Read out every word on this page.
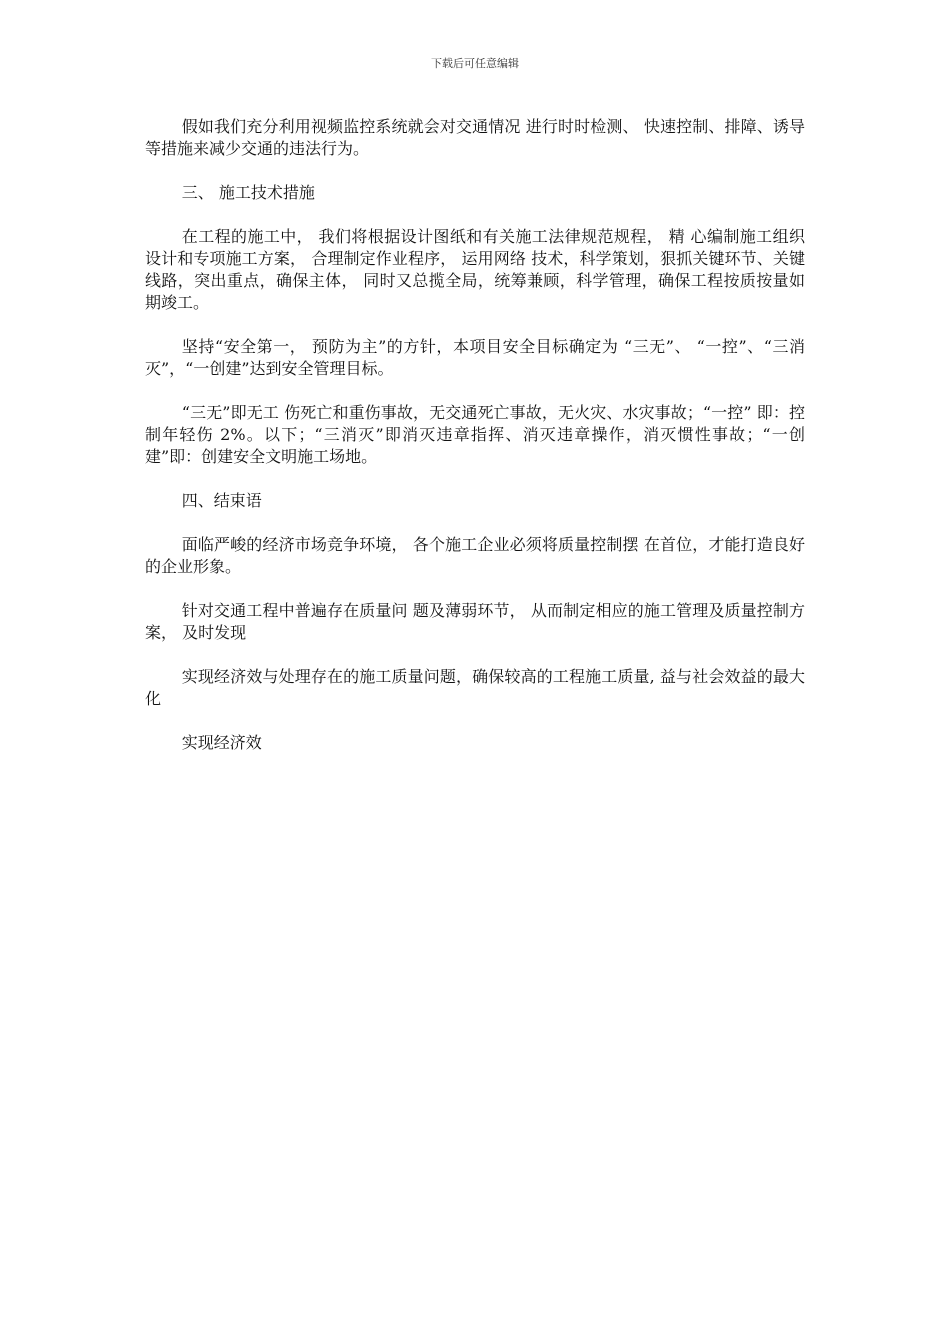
下载后可任意编辑

假如我们充分利用视频监控系统就会对交通情况 进行时时检测、 快速控制、排障、诱导等措施来减少交通的违法行为。

三、 施工技术措施

在工程的施工中， 我们将根据设计图纸和有关施工法律规范规程， 精 心编制施工组织设计和专项施工方案， 合理制定作业程序， 运用网络 技术，科学策划，狠抓关键环节、关键线路，突出重点，确保主体， 同时又总揽全局，统筹兼顾，科学管理，确保工程按质按量如期竣工。

坚持“安全第一， 预防为主”的方针，本项目安全目标确定为 “三无”、 “一控”、“三消灭”，“一创建”达到安全管理目标。

“三无”即无工 伤死亡和重伤事故，无交通死亡事故，无火灾、水灾事故；“一控” 即：控制年轻伤 2%。以下；“三消灭”即消灭违章指挥、消灭违章操作，消灭惯性事故；“一创建”即：创建安全文明施工场地。

四、结束语

面临严峻的经济市场竞争环境， 各个施工企业必须将质量控制摆 在首位，才能打造良好的企业形象。

针对交通工程中普遍存在质量问 题及薄弱环节， 从而制定相应的施工管理及质量控制方案， 及时发现

实现经济效与处理存在的施工质量问题，确保较高的工程施工质量, 益与社会效益的最大化

实现经济效
